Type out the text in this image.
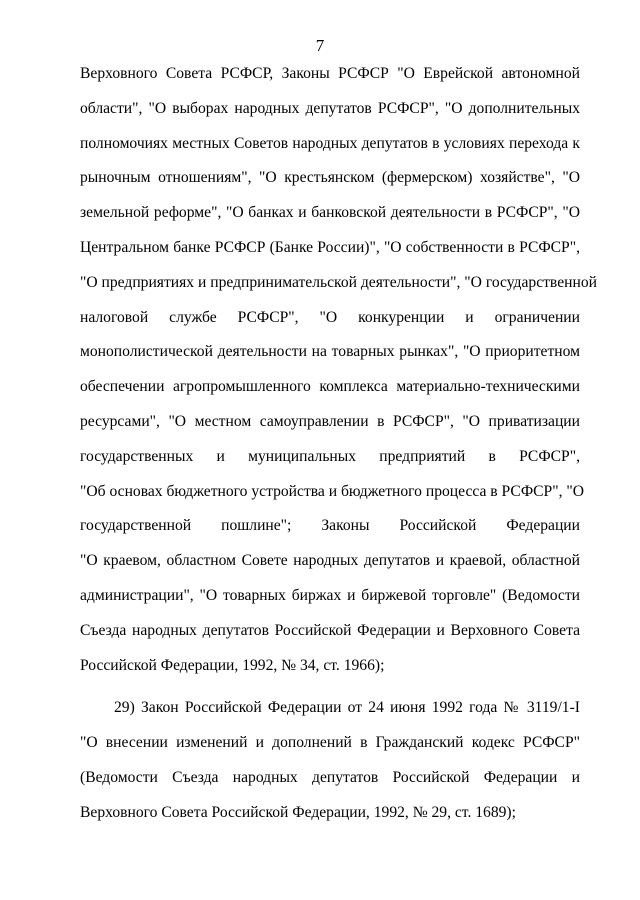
7
Верховного Совета РСФСР, Законы РСФСР "О Еврейской автономной
области", "О выборах народных депутатов РСФСР", "О дополнительных
полномочиях местных Советов народных депутатов в условиях перехода к
рыночным отношениям", "О крестьянском (фермерском) хозяйстве", "О
земельной реформе", "О банках и банковской деятельности в РСФСР", "О
Центральном банке РСФСР (Банке России)", "О собственности в РСФСР",
"О предприятиях и предпринимательской деятельности", "О государственной
налоговой службе РСФСР", "О конкуренции и ограничении
монополистической деятельности на товарных рынках", "О приоритетном
обеспечении агропромышленного комплекса материально-техническими
ресурсами", "О местном самоуправлении в РСФСР", "О приватизации
государственных и муниципальных предприятий в РСФСР",
"Об основах бюджетного устройства и бюджетного процесса в РСФСР", "О
государственной пошлине"; Законы Российской Федерации
"О краевом, областном Совете народных депутатов и краевой, областной
администрации", "О товарных биржах и биржевой торговле" (Ведомости
Съезда народных депутатов Российской Федерации и Верховного Совета
Российской Федерации, 1992, № 34, ст. 1966);
29) Закон Российской Федерации от 24 июня 1992 года № 3119/1-I
"О внесении изменений и дополнений в Гражданский кодекс РСФСР"
(Ведомости Съезда народных депутатов Российской Федерации и
Верховного Совета Российской Федерации, 1992, № 29, ст. 1689);
